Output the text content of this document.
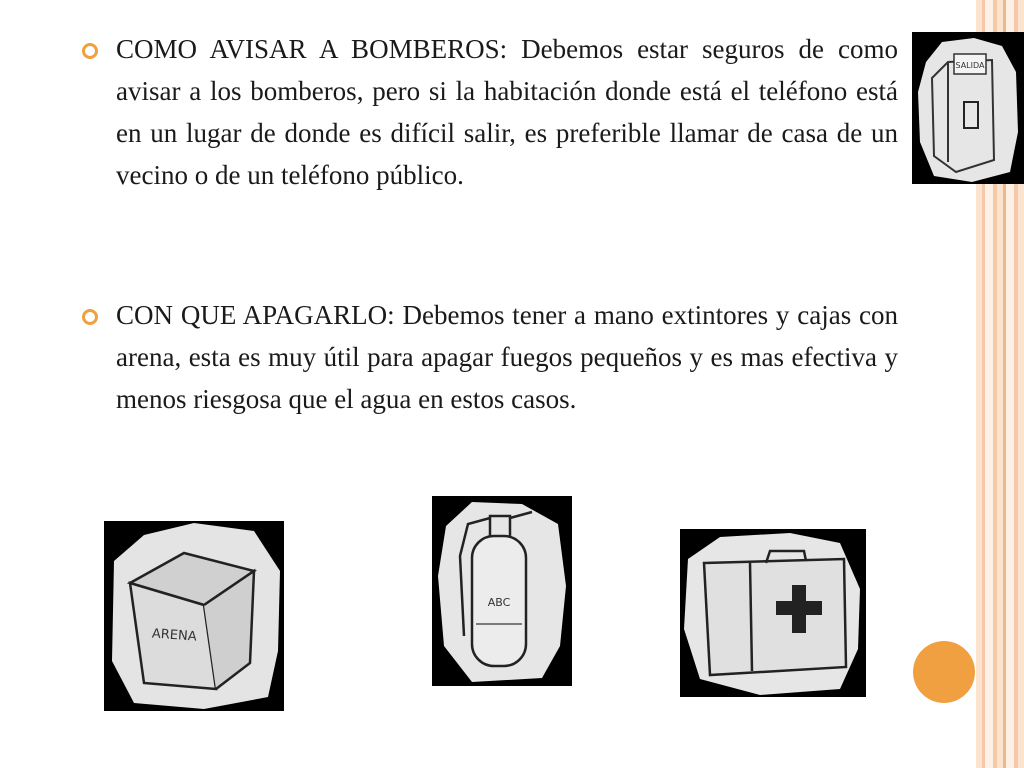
COMO AVISAR A BOMBEROS: Debemos estar seguros de como avisar a los bomberos, pero si la habitación donde está el teléfono está en un lugar de donde es difícil salir, es preferible llamar de casa de un vecino o de un teléfono público.
CON QUE APAGARLO: Debemos tener a mano extintores y cajas con arena, esta es muy útil para apagar fuegos pequeños y es mas efectiva y menos riesgosa que el agua en estos casos.
SALIDA
ARENA
ABC
